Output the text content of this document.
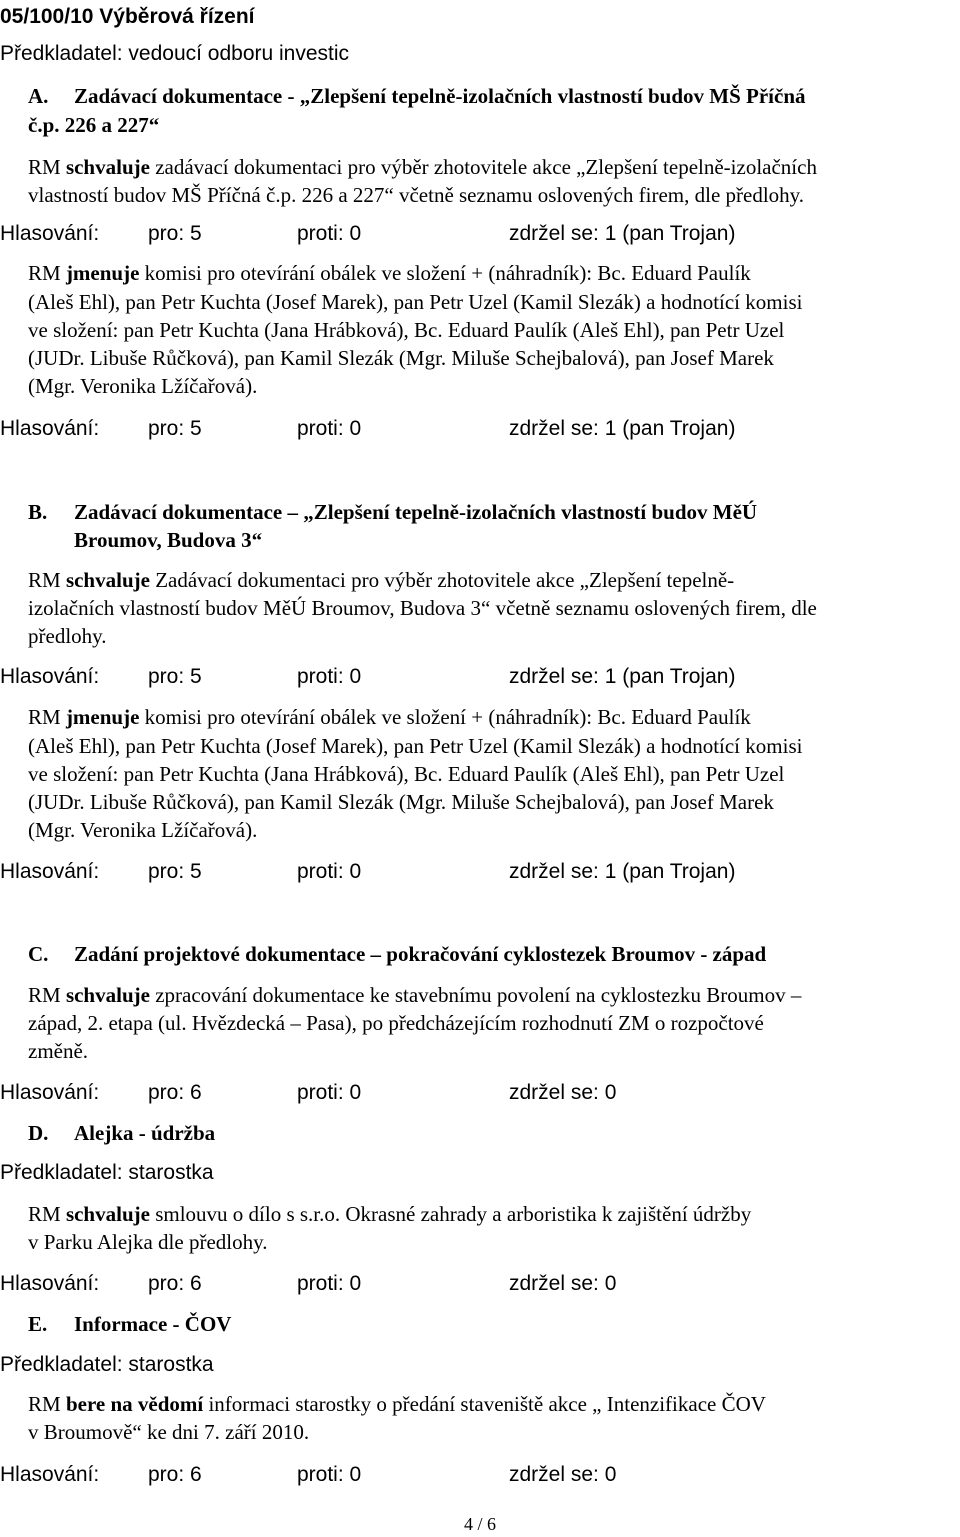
05/100/10 Výběrová řízení
Předkladatel: vedoucí odboru investic
A. Zadávací dokumentace - „Zlepšení tepelně-izolačních vlastností budov MŠ Příčná
č.p. 226 a 227“
RM schvaluje zadávací dokumentaci pro výběr zhotovitele akce „Zlepšení tepelně-izolačních
vlastností budov MŠ Příčná č.p. 226 a 227“ včetně seznamu oslovených firem, dle předlohy.
Hlasování: pro: 5	proti: 0	zdržel se: 1 (pan Trojan)
RM jmenuje komisi pro otevírání obálek ve složení + (náhradník): Bc. Eduard Paulík
(Aleš Ehl), pan Petr Kuchta (Josef Marek), pan Petr Uzel (Kamil Slezák) a hodnotící komisi
ve složení: pan Petr Kuchta (Jana Hrábková), Bc. Eduard Paulík (Aleš Ehl), pan Petr Uzel
(JUDr. Libuše Růčková), pan Kamil Slezák (Mgr. Miluše Schejbalová), pan Josef Marek
(Mgr. Veronika Lžíčařová).
Hlasování: pro: 5	proti: 0	zdržel se: 1 (pan Trojan)
B. Zadávací dokumentace – „Zlepšení tepelně-izolačních vlastností budov MěÚ
Broumov, Budova 3“
RM schvaluje Zadávací dokumentaci pro výběr zhotovitele akce „Zlepšení tepelně-
izolačních vlastností budov MěÚ Broumov, Budova 3“ včetně seznamu oslovených firem, dle
předlohy.
Hlasování: pro: 5	proti: 0	zdržel se: 1 (pan Trojan)
RM jmenuje komisi pro otevírání obálek ve složení + (náhradník): Bc. Eduard Paulík
(Aleš Ehl), pan Petr Kuchta (Josef Marek), pan Petr Uzel (Kamil Slezák) a hodnotící komisi
ve složení: pan Petr Kuchta (Jana Hrábková), Bc. Eduard Paulík (Aleš Ehl), pan Petr Uzel
(JUDr. Libuše Růčková), pan Kamil Slezák (Mgr. Miluše Schejbalová), pan Josef Marek
(Mgr. Veronika Lžíčařová).
Hlasování: pro: 5	proti: 0	zdržel se: 1 (pan Trojan)
C. Zadání projektové dokumentace – pokračování cyklostezek Broumov - západ
RM schvaluje zpracování dokumentace ke stavebnímu povolení na cyklostezku Broumov –
západ, 2. etapa (ul. Hvězdecká – Pasa), po předcházejícím rozhodnutí ZM o rozpočtové
změně.
Hlasování: pro: 6	proti: 0	zdržel se: 0
D. Alejka - údržba
Předkladatel: starostka
RM schvaluje smlouvu o dílo s s.r.o. Okrasné zahrady a arboristika k zajištění údržby
v Parku Alejka dle předlohy.
Hlasování: pro: 6	proti: 0	zdržel se: 0
E. Informace - ČOV
Předkladatel: starostka
RM bere na vědomí informaci starostky o předání staveniště akce „ Intenzifikace ČOV
v Broumově“ ke dni 7. září 2010.
Hlasování: pro: 6	proti: 0	zdržel se: 0
4 / 6
